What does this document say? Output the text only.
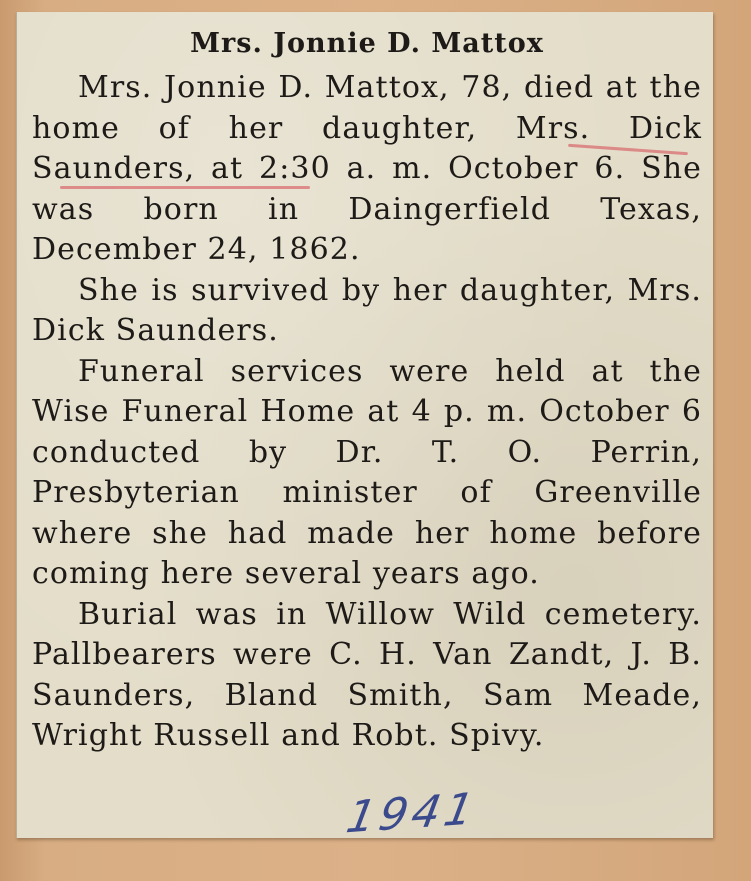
Mrs. Jonnie D. Mattox

Mrs. Jonnie D. Mattox, 78, died at the home of her daughter, Mrs. Dick Saunders, at 2:30 a. m. October 6. She was born in Daingerfield Texas, December 24, 1862.

She is survived by her daughter, Mrs. Dick Saunders.

Funeral services were held at the Wise Funeral Home at 4 p. m. October 6 conducted by Dr. T. O. Perrin, Presbyterian minister of Greenville where she had made her home before coming here several years ago.

Burial was in Willow Wild cemetery. Pallbearers were C. H. Van Zandt, J. B. Saunders, Bland Smith, Sam Meade, Wright Russell and Robt. Spivy.

1941
